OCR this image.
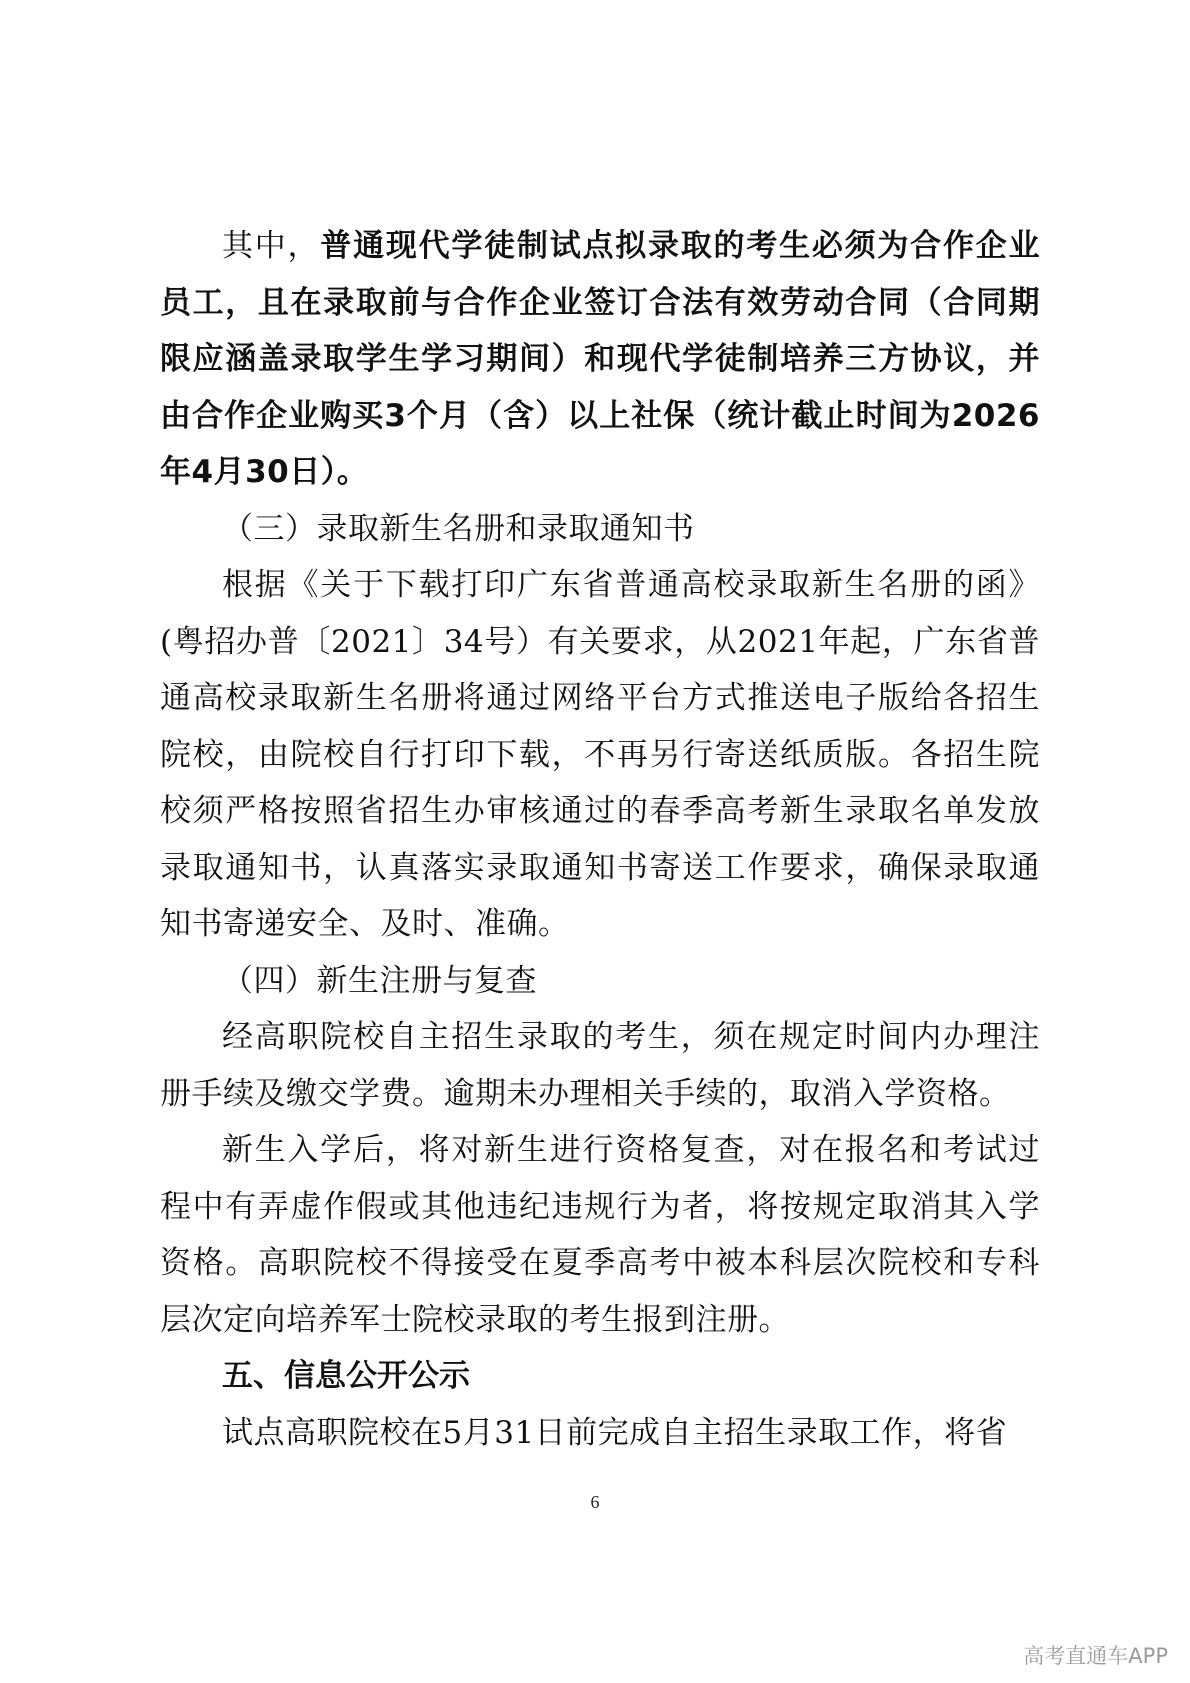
其中，普通现代学徒制试点拟录取的考生必须为合作企业员工，且在录取前与合作企业签订合法有效劳动合同（合同期限应涵盖录取学生学习期间）和现代学徒制培养三方协议，并由合作企业购买3个月（含）以上社保（统计截止时间为2026年4月30日）。

（三）录取新生名册和录取通知书

根据《关于下载打印广东省普通高校录取新生名册的函》(粤招办普〔2021〕34号）有关要求，从2021年起，广东省普通高校录取新生名册将通过网络平台方式推送电子版给各招生院校，由院校自行打印下载，不再另行寄送纸质版。各招生院校须严格按照省招生办审核通过的春季高考新生录取名单发放录取通知书，认真落实录取通知书寄送工作要求，确保录取通知书寄递安全、及时、准确。

（四）新生注册与复查

经高职院校自主招生录取的考生，须在规定时间内办理注册手续及缴交学费。逾期未办理相关手续的，取消入学资格。

新生入学后，将对新生进行资格复查，对在报名和考试过程中有弄虚作假或其他违纪违规行为者，将按规定取消其入学资格。高职院校不得接受在夏季高考中被本科层次院校和专科层次定向培养军士院校录取的考生报到注册。

五、信息公开公示

试点高职院校在5月31日前完成自主招生录取工作，将省

6
高考直通车APP
